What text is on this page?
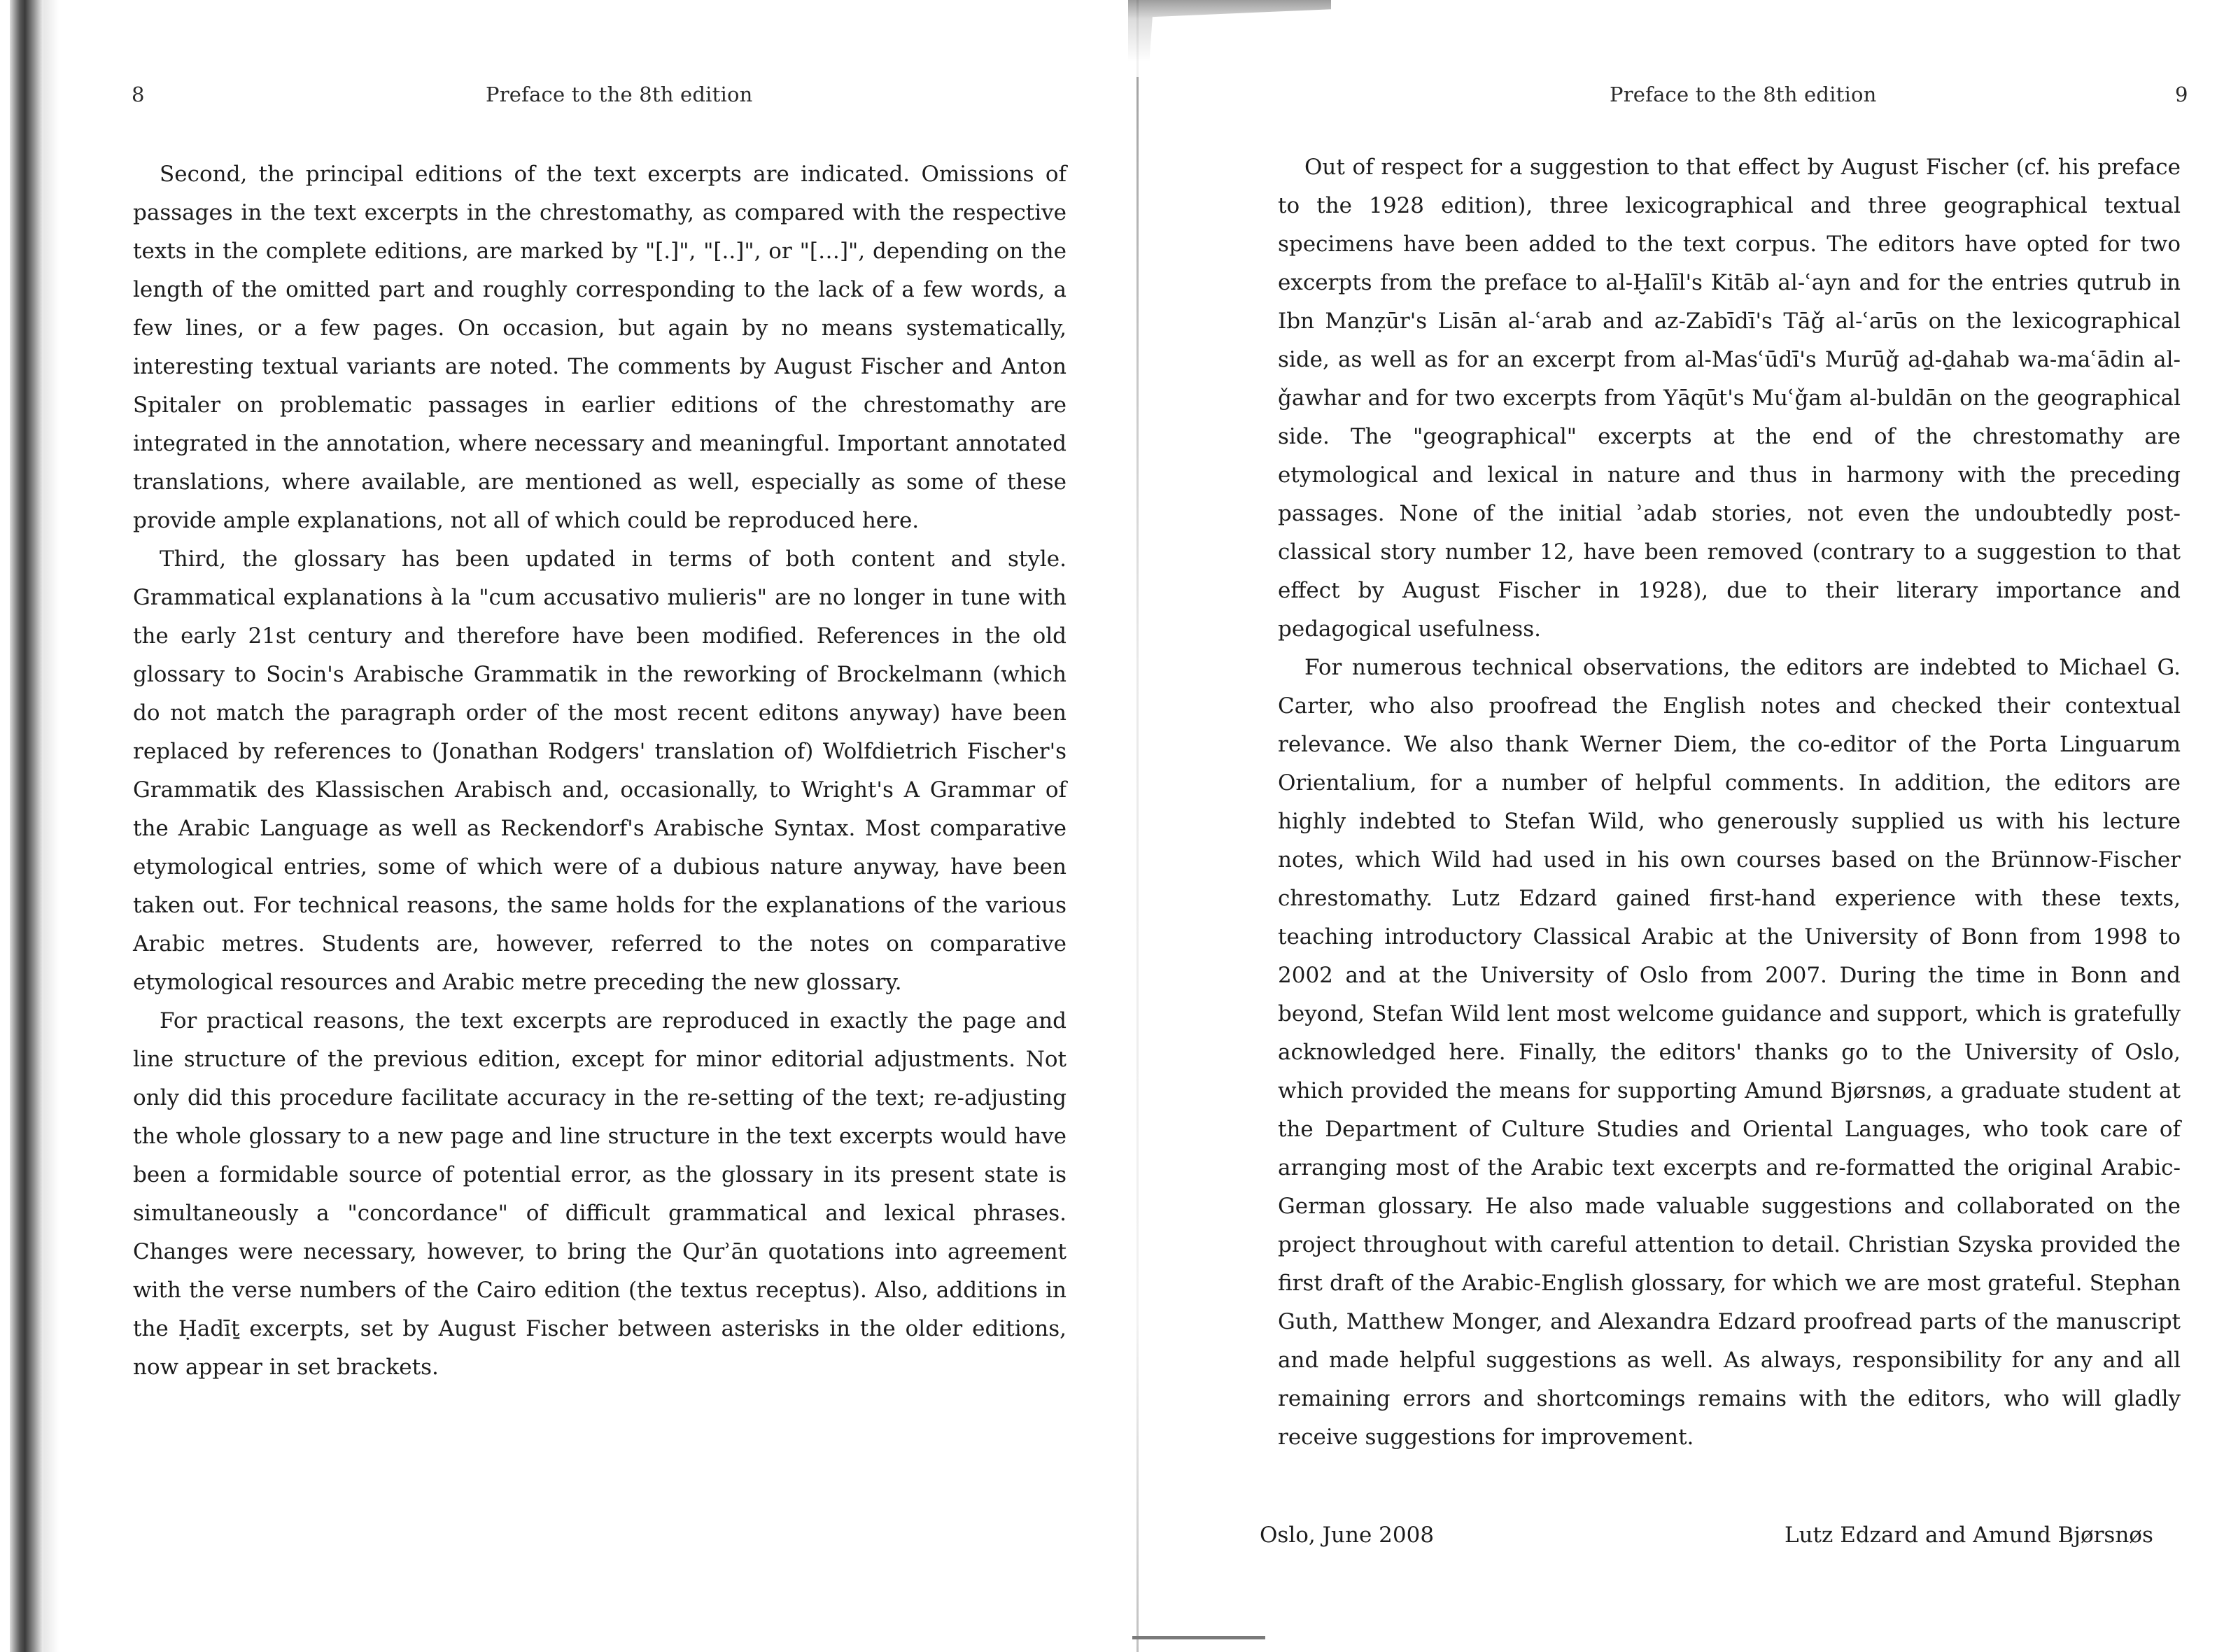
8	Preface to the 8th edition

Second, the principal editions of the text excerpts are indicated. Omissions of passages in the text excerpts in the chrestomathy, as compared with the respective texts in the complete editions, are marked by "[.]", "[..]", or "[…]", depending on the length of the omitted part and roughly corresponding to the lack of a few words, a few lines, or a few pages. On occasion, but again by no means systematically, interesting textual variants are noted. The comments by August Fischer and Anton Spitaler on problematic passages in earlier editions of the chrestomathy are integrated in the annotation, where necessary and meaningful. Important annotated translations, where available, are mentioned as well, especially as some of these provide ample explanations, not all of which could be reproduced here.

Third, the glossary has been updated in terms of both content and style. Grammatical explanations à la "cum accusativo mulieris" are no longer in tune with the early 21st century and therefore have been modified. References in the old glossary to Socin's Arabische Grammatik in the reworking of Brockelmann (which do not match the paragraph order of the most recent editons anyway) have been replaced by references to (Jonathan Rodgers' translation of) Wolfdietrich Fischer's Grammatik des Klassischen Arabisch and, occasionally, to Wright's A Grammar of the Arabic Language as well as Reckendorf's Arabische Syntax. Most comparative etymological entries, some of which were of a dubious nature anyway, have been taken out. For technical reasons, the same holds for the explanations of the various Arabic metres. Students are, however, referred to the notes on comparative etymological resources and Arabic metre preceding the new glossary.

For practical reasons, the text excerpts are reproduced in exactly the page and line structure of the previous edition, except for minor editorial adjustments. Not only did this procedure facilitate accuracy in the re-setting of the text; re-adjusting the whole glossary to a new page and line structure in the text excerpts would have been a formidable source of potential error, as the glossary in its present state is simultaneously a "concordance" of difficult grammatical and lexical phrases. Changes were necessary, however, to bring the Qurʾān quotations into agreement with the verse numbers of the Cairo edition (the textus receptus). Also, additions in the Ḥadīṯ excerpts, set by August Fischer between asterisks in the older editions, now appear in set brackets.

Preface to the 8th edition	9

Out of respect for a suggestion to that effect by August Fischer (cf. his preface to the 1928 edition), three lexicographical and three geographical textual specimens have been added to the text corpus. The editors have opted for two excerpts from the preface to al-Ḫalīl's Kitāb al-ʿayn and for the entries qutrub in Ibn Manẓūr's Lisān al-ʿarab and az-Zabīdī's Tāǧ al-ʿarūs on the lexicographical side, as well as for an excerpt from al-Masʿūdī's Murūǧ aḏ-ḏahab wa-maʿādin al-ǧawhar and for two excerpts from Yāqūt's Muʿǧam al-buldān on the geographical side. The "geographical" excerpts at the end of the chrestomathy are etymological and lexical in nature and thus in harmony with the preceding passages. None of the initial ʾadab stories, not even the undoubtedly post-classical story number 12, have been removed (contrary to a suggestion to that effect by August Fischer in 1928), due to their literary importance and pedagogical usefulness.

For numerous technical observations, the editors are indebted to Michael G. Carter, who also proofread the English notes and checked their contextual relevance. We also thank Werner Diem, the co-editor of the Porta Linguarum Orientalium, for a number of helpful comments. In addition, the editors are highly indebted to Stefan Wild, who generously supplied us with his lecture notes, which Wild had used in his own courses based on the Brünnow-Fischer chrestomathy. Lutz Edzard gained first-hand experience with these texts, teaching introductory Classical Arabic at the University of Bonn from 1998 to 2002 and at the University of Oslo from 2007. During the time in Bonn and beyond, Stefan Wild lent most welcome guidance and support, which is gratefully acknowledged here. Finally, the editors' thanks go to the University of Oslo, which provided the means for supporting Amund Bjørsnøs, a graduate student at the Department of Culture Studies and Oriental Languages, who took care of arranging most of the Arabic text excerpts and re-formatted the original Arabic-German glossary. He also made valuable suggestions and collaborated on the project throughout with careful attention to detail. Christian Szyska provided the first draft of the Arabic-English glossary, for which we are most grateful. Stephan Guth, Matthew Monger, and Alexandra Edzard proofread parts of the manuscript and made helpful suggestions as well. As always, responsibility for any and all remaining errors and shortcomings remains with the editors, who will gladly receive suggestions for improvement.

Oslo, June 2008	Lutz Edzard and Amund Bjørsnøs
